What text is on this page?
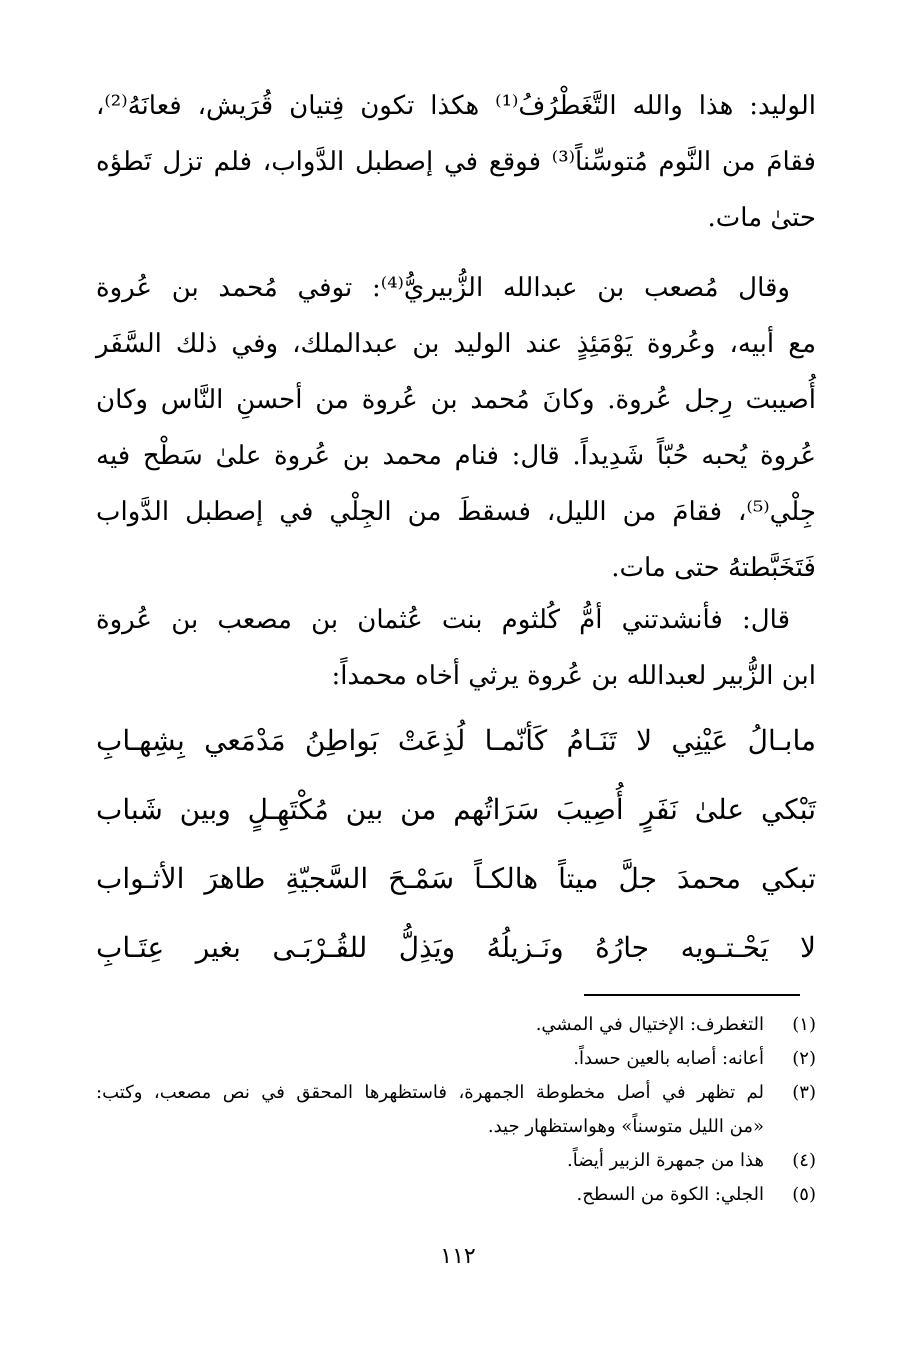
الوليد: هذا والله التَّغَطْرُفُ⁽¹⁾ هكذا تكون فِتيان قُرَيش، فعانَهُ⁽²⁾،
فقامَ من النَّوم مُتوسِّناً⁽³⁾ فوقع في إصطبل الدَّواب، فلم تزل تَطؤه
حتىٰ مات.
وقال مُصعب بن عبدالله الزُّبيريُّ⁽⁴⁾: توفي مُحمد بن عُروة
مع أبيه، وعُروة يَوْمَئِذٍ عند الوليد بن عبدالملك، وفي ذلك السَّفَر
أُصيبت رِجل عُروة. وكانَ مُحمد بن عُروة من أحسنِ النَّاس وكان
عُروة يُحبه حُبّاً شَدِيداً. قال: فنام محمد بن عُروة علىٰ سَطْح فيه
جِلْي⁽⁵⁾، فقامَ من الليل، فسقطَ من الجِلْي في إصطبل الدَّواب
فَتَخَبَّطتهُ حتى مات.
قال: فأنشدتني أمُّ كُلثوم بنت عُثمان بن مصعب بن عُروة
ابن الزُّبير لعبدالله بن عُروة يرثي أخاه محمداً:
مابـالُ عَيْنِي لا تَنَـامُ كَأنّمـا لُذِعَتْ بَواطِنُ مَدْمَعي بِشِهـابِ
تَبْكي علىٰ نَفَرٍ أُصِيبَ سَرَاتُهم من بين مُكْتَهِـلٍ وبين شَباب
تبكي محمدَ جلَّ ميتاً هالكـاً سَمْـحَ السَّجيّةِ طاهرَ الأثـواب
لا يَحْـتـويه جارُهُ ونَـزيلُهُ ويَذِلُّ للقُـرْبَـى بغير عِتَـابِ
(١)
التغطرف: الإختيال في المشي.
(٢)
أعانه: أصابه بالعين حسداً.
(٣)
لم تظهر في أصل مخطوطة الجمهرة، فاستظهرها المحقق في نص مصعب، وكتب:
«من الليل متوسناً» وهواستظهار جيد.
(٤)
هذا من جمهرة الزبير أيضاً.
(٥)
الجلي: الكوة من السطح.
١١٢
